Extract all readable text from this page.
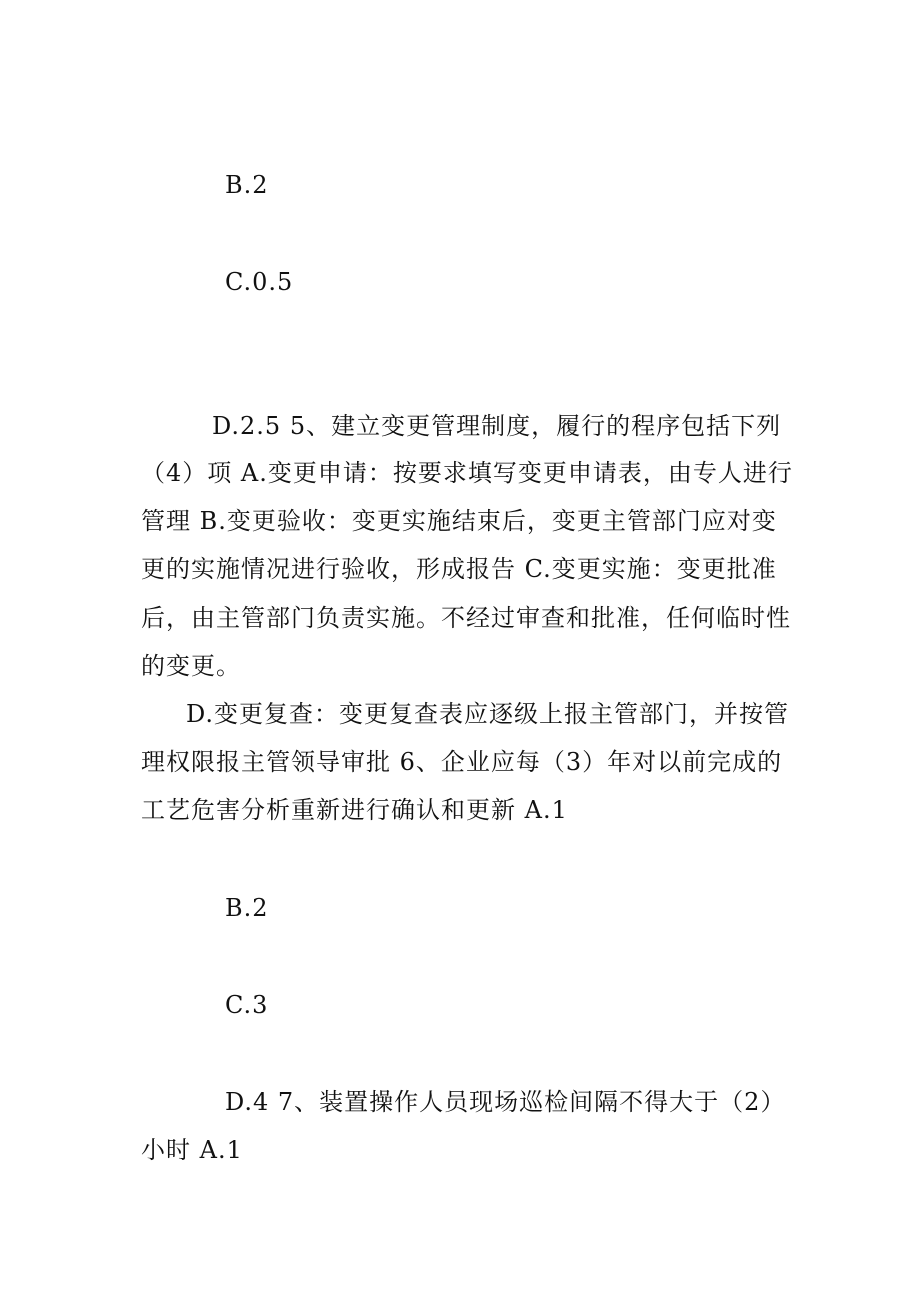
B.2
C.0.5
D.2.5 5、建立变更管理制度，履行的程序包括下列
（4）项 A.变更申请：按要求填写变更申请表，由专人进行
管理 B.变更验收：变更实施结束后，变更主管部门应对变
更的实施情况进行验收，形成报告 C.变更实施：变更批准
后，由主管部门负责实施。不经过审查和批准，任何临时性
的变更。
D.变更复查：变更复查表应逐级上报主管部门，并按管
理权限报主管领导审批 6、企业应每（3）年对以前完成的
工艺危害分析重新进行确认和更新 A.1
B.2
C.3
D.4 7、装置操作人员现场巡检间隔不得大于（2）
小时 A.1
